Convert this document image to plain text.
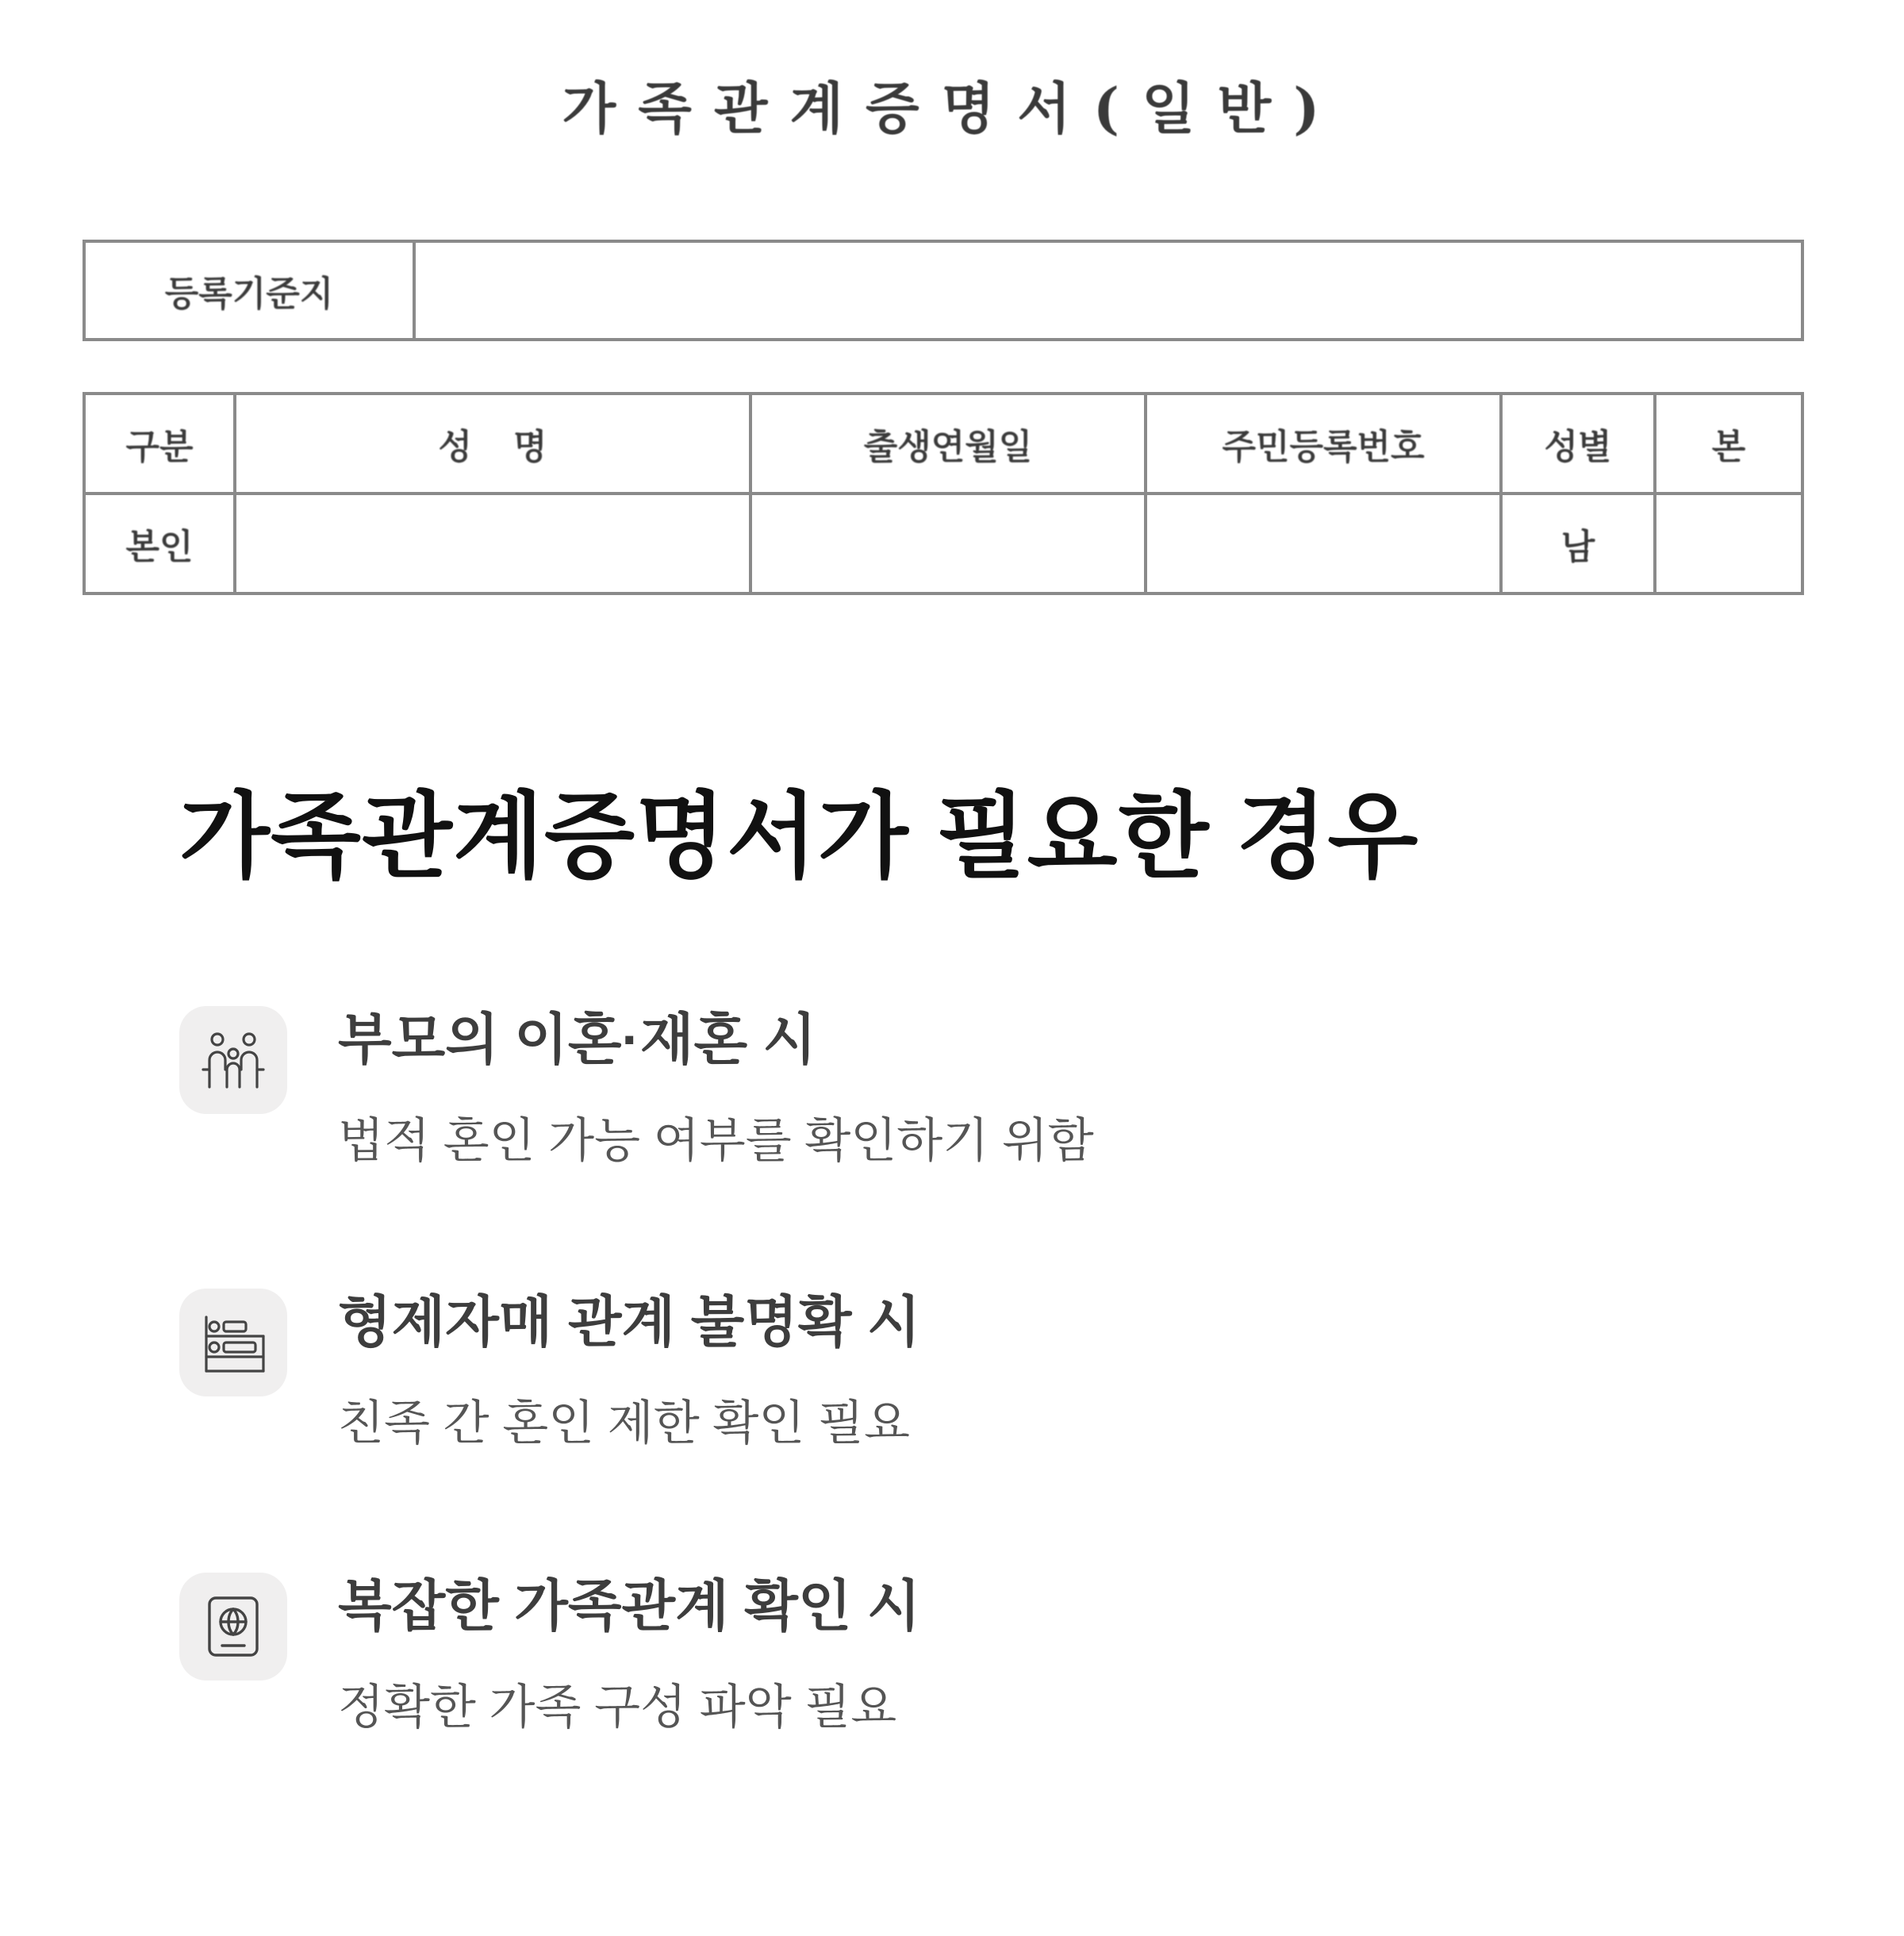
가족관계증명서(일반)
등록기준지	
구분	성명	출생연월일	주민등록번호	성별	본
본인				남	
가족관계증명서가 필요한 경우
부모의 이혼·재혼 시
법적 혼인 가능 여부를 확인하기 위함
형제자매 관계 불명확 시
친족 간 혼인 제한 확인 필요
복잡한 가족관계 확인 시
정확한 가족 구성 파악 필요
